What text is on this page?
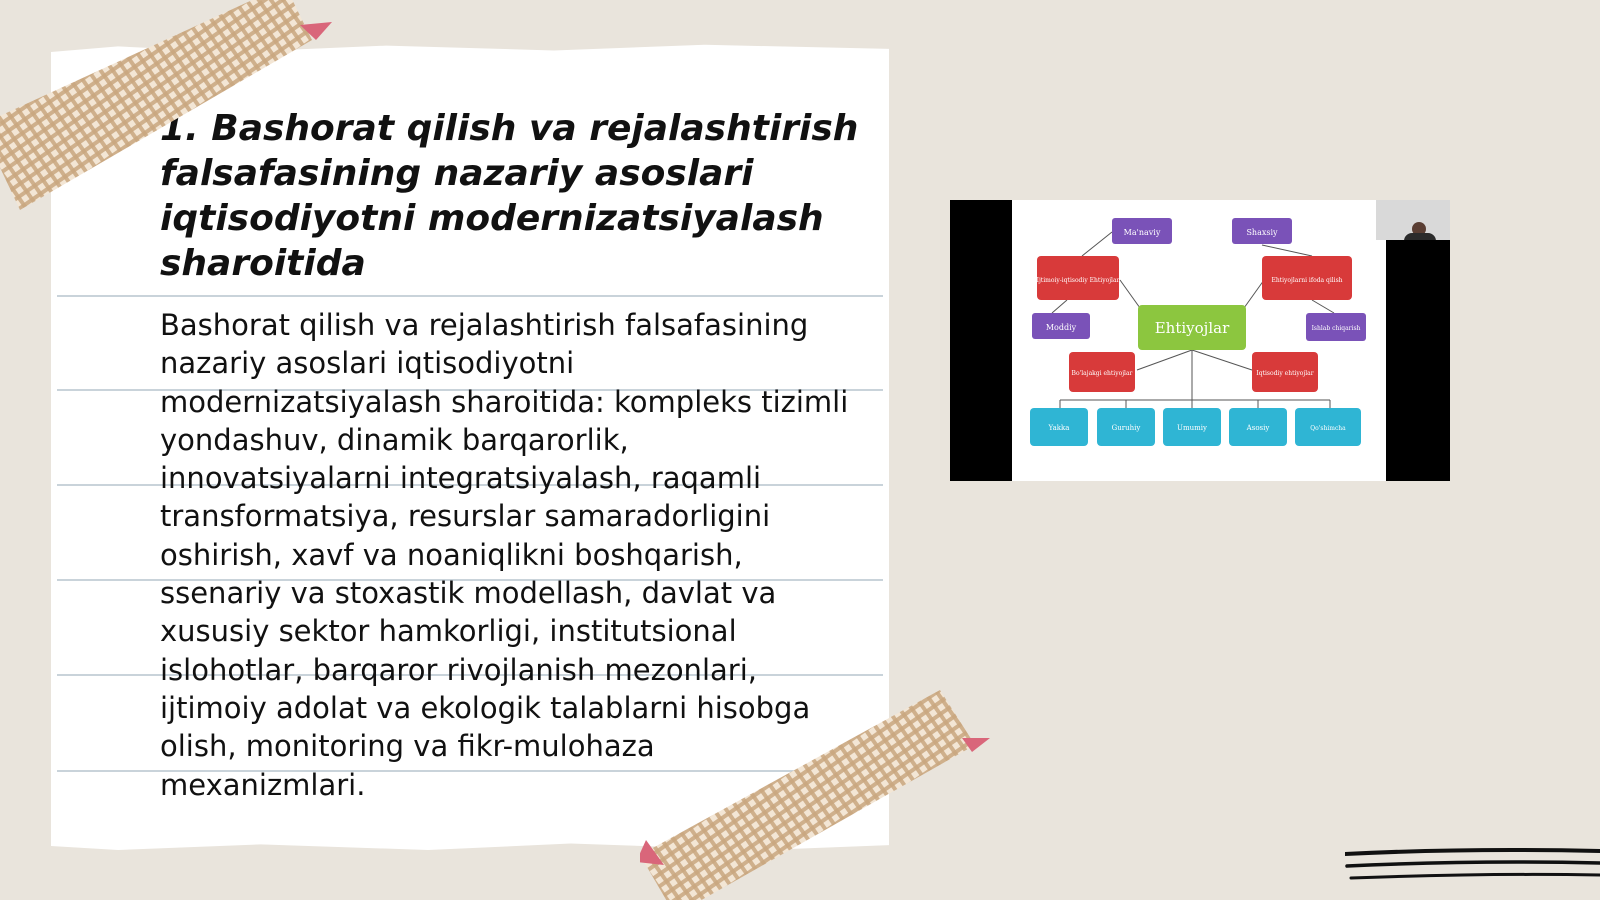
1. Bashorat qilish va rejalashtirish falsafasining nazariy asoslari iqtisodiyotni modernizatsiyalash sharoitida

Bashorat qilish va rejalashtirish falsafasining nazariy asoslari iqtisodiyotni modernizatsiyalash sharoitida: kompleks tizimli yondashuv, dinamik barqarorlik, innovatsiyalarni integratsiyalash, raqamli transformatsiya, resurslar samaradorligini oshirish, xavf va noaniqlikni boshqarish, ssenariy va stoxastik modellash, davlat va xususiy sektor hamkorligi, institutsional islohotlar, barqaror rivojlanish mezonlari, ijtimoiy adolat va ekologik talablarni hisobga olish, monitoring va fikr-mulohaza mexanizmlari.

Ma'naviy	Shaxsiy
Ijtimoiy-iqtisodiy Ehtiyojlar	Ehtiyojlarni ifoda qilish
Moddiy	Ehtiyojlar	Ishlab chiqarish
Bo'lajakgi ehtiyojlar	Iqtisodiy ehtiyojlar
Yakka	Guruhiy	Umumiy	Asosiy	Qo'shimcha
